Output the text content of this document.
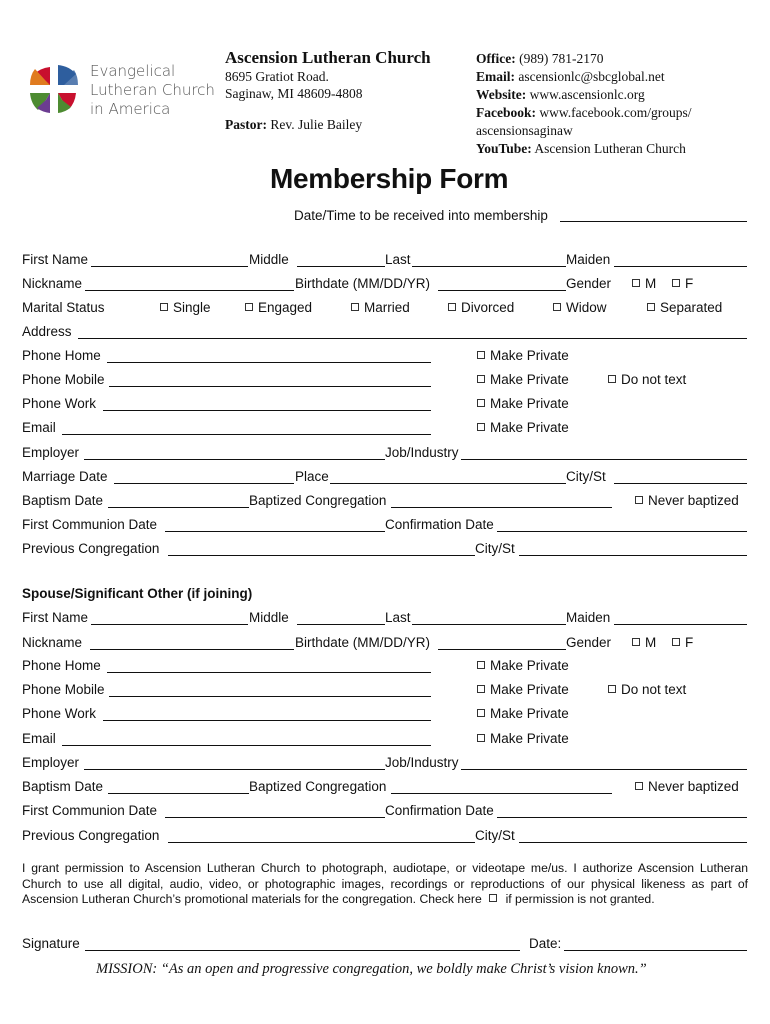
Evangelical
Lutheran Church
in America
Ascension Lutheran Church
8695 Gratiot Road.
Saginaw, MI 48609-4808
Pastor: Rev. Julie Bailey
Office: (989) 781-2170
Email: ascensionlc@sbcglobal.net
Website: www.ascensionlc.org
Facebook: www.facebook.com/groups/
ascensionsaginaw
YouTube: Ascension Lutheran Church
Membership Form
Date/Time to be received into membership
First Name	Middle	Last	Maiden
Nickname	Birthdate (MM/DD/YR)	Gender	M	F
Marital Status	Single	Engaged	Married	Divorced	Widow	Separated
Address
Phone Home	Make Private
Phone Mobile	Make Private	Do not text
Phone Work	Make Private
Email	Make Private
Employer	Job/Industry
Marriage Date	Place	City/St
Baptism Date	Baptized Congregation	Never baptized
First Communion Date	Confirmation Date
Previous Congregation	City/St
Spouse/Significant Other (if joining)
First Name	Middle	Last	Maiden
Nickname	Birthdate (MM/DD/YR)	Gender	M	F
Phone Home	Make Private
Phone Mobile	Make Private	Do not text
Phone Work	Make Private
Email	Make Private
Employer	Job/Industry
Baptism Date	Baptized Congregation	Never baptized
First Communion Date	Confirmation Date
Previous Congregation	City/St
I grant permission to Ascension Lutheran Church to photograph, audiotape, or videotape me/us. I authorize Ascension Lutheran Church to use all digital, audio, video, or photographic images, recordings or reproductions of our physical likeness as part of Ascension Lutheran Church’s promotional materials for the congregation. Check here if permission is not granted.
Signature	Date:
MISSION: “As an open and progressive congregation, we boldly make Christ’s vision known.”
